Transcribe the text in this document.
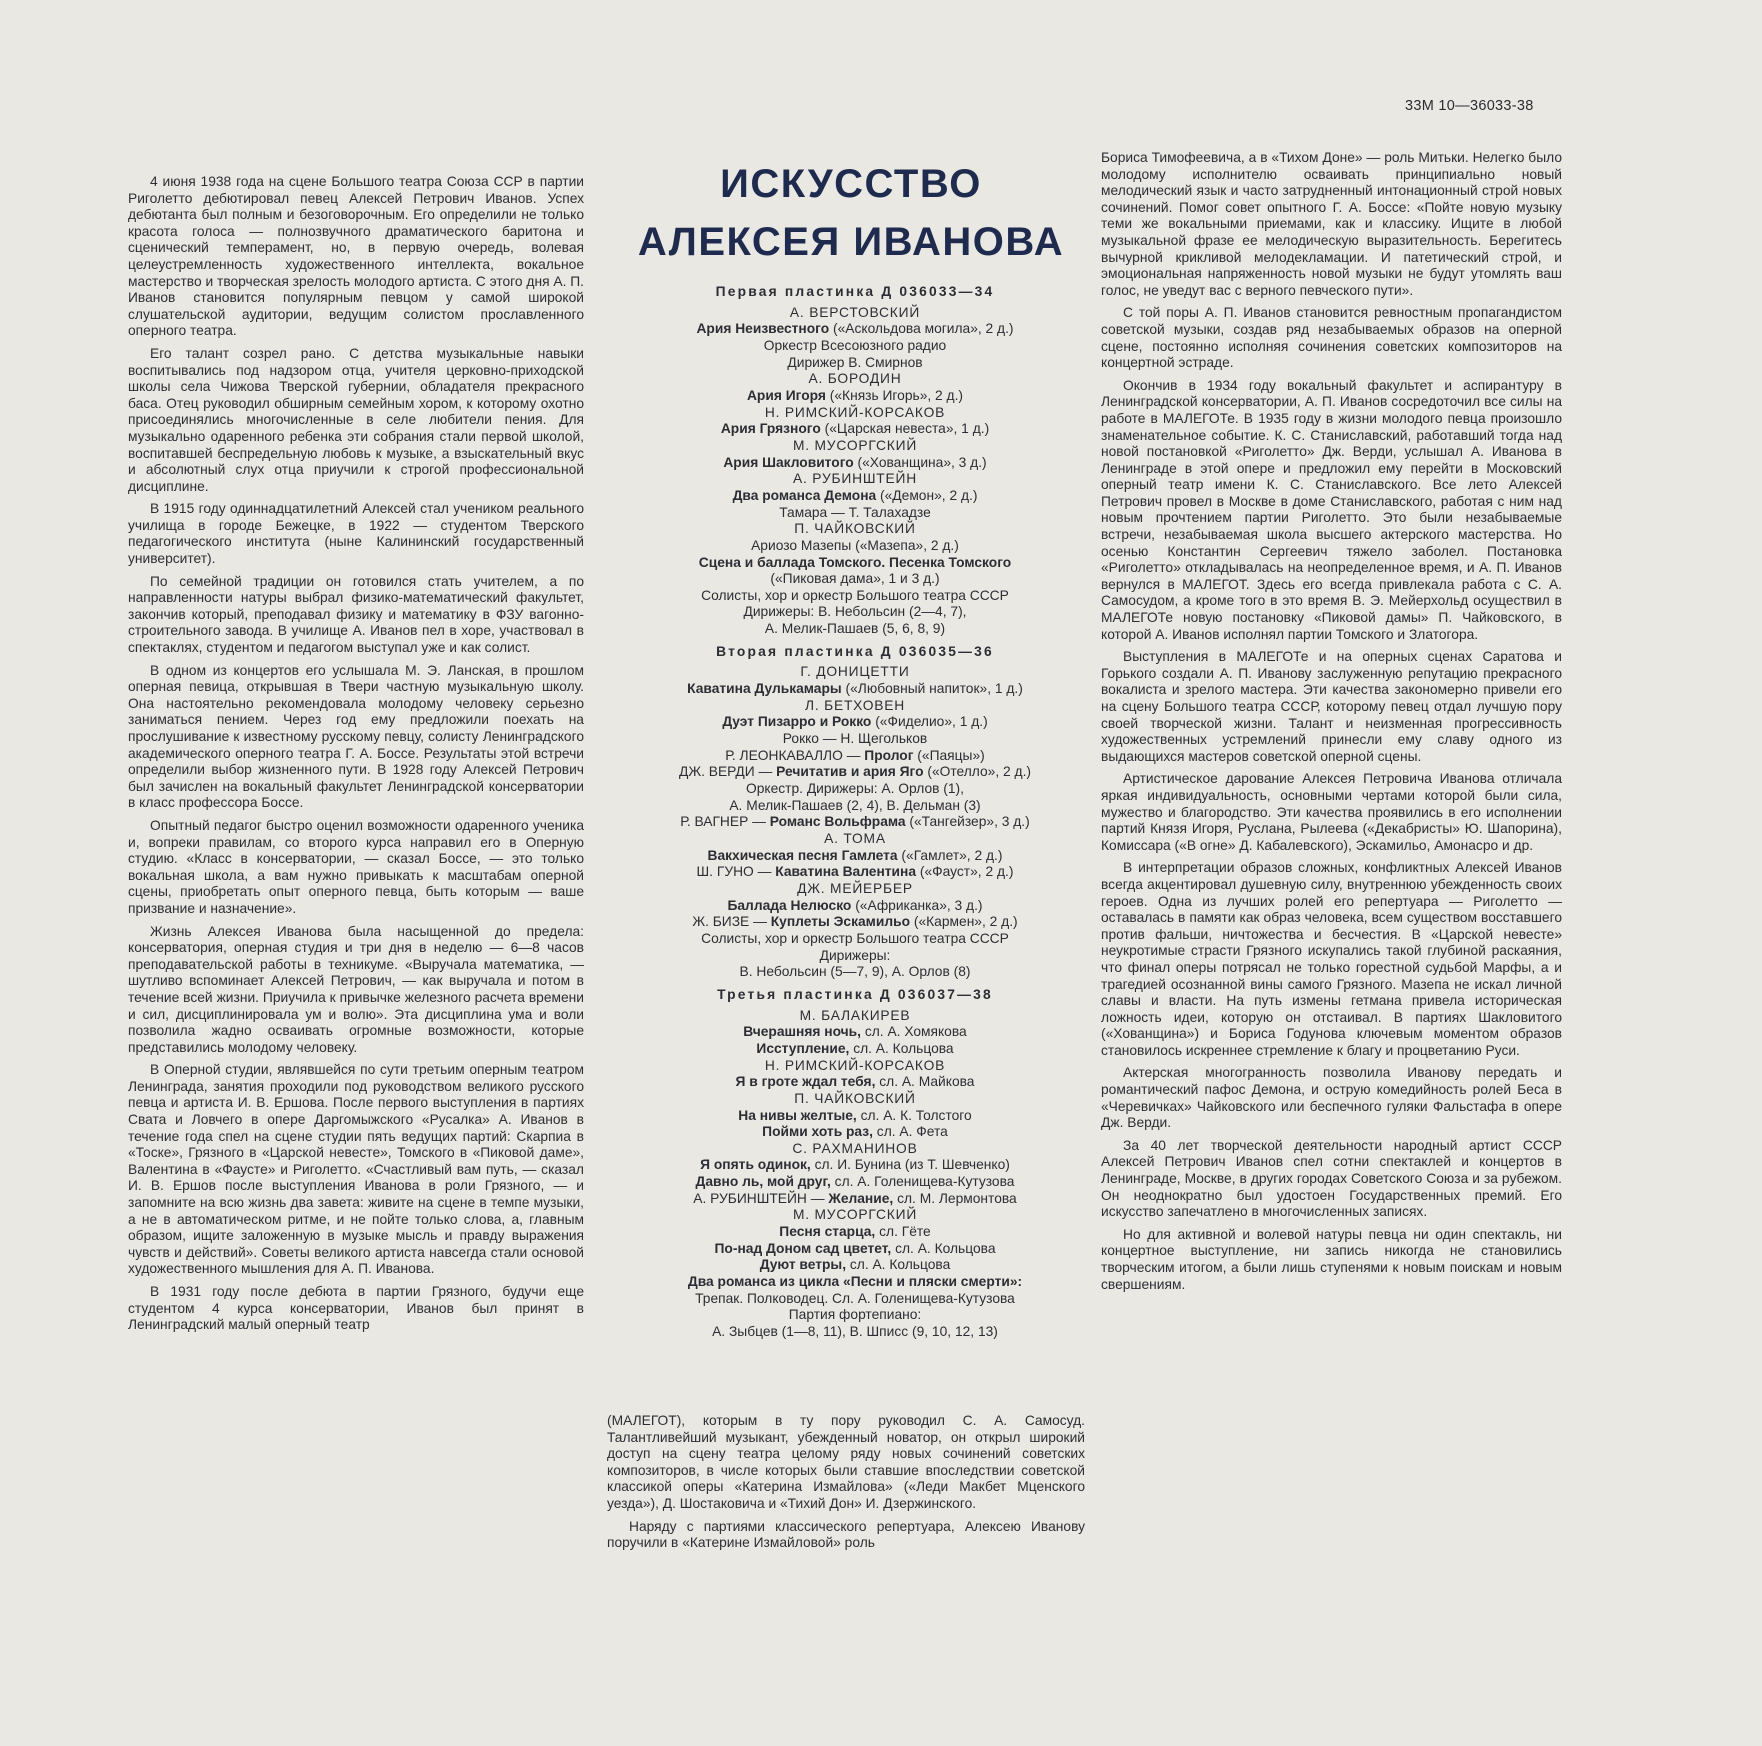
33М 10—36033-38

4 июня 1938 года на сцене Большого театра Союза ССР в партии Риголетто дебютировал певец Алексей Петрович Иванов. Успех дебютанта был полным и безоговорочным. Его определили не только красота голоса — полнозвучного драматического баритона и сценический темперамент, но, в первую очередь, волевая целеустремленность художественного интеллекта, вокальное мастерство и творческая зрелость молодого артиста. С этого дня А. П. Иванов становится популярным певцом у самой широкой слушательской аудитории, ведущим солистом прославленного оперного театра.

Его талант созрел рано. С детства музыкальные навыки воспитывались под надзором отца, учителя церковно-приходской школы села Чижова Тверской губернии, обладателя прекрасного баса. Отец руководил обширным семейным хором, к которому охотно присоединялись многочисленные в селе любители пения. Для музыкально одаренного ребенка эти собрания стали первой школой, воспитавшей беспредельную любовь к музыке, а взыскательный вкус и абсолютный слух отца приучили к строгой профессиональной дисциплине.

В 1915 году одиннадцатилетний Алексей стал учеником реального училища в городе Бежецке, в 1922 — студентом Тверского педагогического института (ныне Калининский государственный университет).

По семейной традиции он готовился стать учителем, а по направленности натуры выбрал физико-математический факультет, закончив который, преподавал физику и математику в ФЗУ вагонно-строительного завода. В училище А. Иванов пел в хоре, участвовал в спектаклях, студентом и педагогом выступал уже и как солист.

В одном из концертов его услышала М. Э. Ланская, в прошлом оперная певица, открывшая в Твери частную музыкальную школу. Она настоятельно рекомендовала молодому человеку серьезно заниматься пением. Через год ему предложили поехать на прослушивание к известному русскому певцу, солисту Ленинградского академического оперного театра Г. А. Боссе. Результаты этой встречи определили выбор жизненного пути. В 1928 году Алексей Петрович был зачислен на вокальный факультет Ленинградской консерватории в класс профессора Боссе.

Опытный педагог быстро оценил возможности одаренного ученика и, вопреки правилам, со второго курса направил его в Оперную студию. «Класс в консерватории, — сказал Боссе, — это только вокальная школа, а вам нужно привыкать к масштабам оперной сцены, приобретать опыт оперного певца, быть которым — ваше призвание и назначение».

Жизнь Алексея Иванова была насыщенной до предела: консерватория, оперная студия и три дня в неделю — 6—8 часов преподавательской работы в техникуме. «Выручала математика, — шутливо вспоминает Алексей Петрович, — как выручала и потом в течение всей жизни. Приучила к привычке железного расчета времени и сил, дисциплинировала ум и волю». Эта дисциплина ума и воли позволила жадно осваивать огромные возможности, которые представились молодому человеку.

В Оперной студии, являвшейся по сути третьим оперным театром Ленинграда, занятия проходили под руководством великого русского певца и артиста И. В. Ершова. После первого выступления в партиях Свата и Ловчего в опере Даргомыжского «Русалка» А. Иванов в течение года спел на сцене студии пять ведущих партий: Скарпиа в «Тоске», Грязного в «Царской невесте», Томского в «Пиковой даме», Валентина в «Фаусте» и Риголетто. «Счастливый вам путь, — сказал И. В. Ершов после выступления Иванова в роли Грязного, — и запомните на всю жизнь два завета: живите на сцене в темпе музыки, а не в автоматическом ритме, и не пойте только слова, а, главным образом, ищите заложенную в музыке мысль и правду выражения чувств и действий». Советы великого артиста навсегда стали основой художественного мышления для А. П. Иванова.

В 1931 году после дебюта в партии Грязного, будучи еще студентом 4 курса консерватории, Иванов был принят в Ленинградский малый оперный театр

ИСКУССТВО
АЛЕКСЕЯ ИВАНОВА
Первая пластинка Д 036033—34
А. ВЕРСТОВСКИЙ
Ария Неизвестного («Аскольдова могила», 2 д.)
Оркестр Всесоюзного радио
Дирижер В. Смирнов
А. БОРОДИН
Ария Игоря («Князь Игорь», 2 д.)
Н. РИМСКИЙ-КОРСАКОВ
Ария Грязного («Царская невеста», 1 д.)
М. МУСОРГСКИЙ
Ария Шакловитого («Хованщина», 3 д.)
А. РУБИНШТЕЙН
Два романса Демона («Демон», 2 д.)
Тамара — Т. Талахадзе
П. ЧАЙКОВСКИЙ
Ариозо Мазепы («Мазепа», 2 д.)
Сцена и баллада Томского. Песенка Томского
(«Пиковая дама», 1 и 3 д.)
Солисты, хор и оркестр Большого театра СССР
Дирижеры: В. Небольсин (2—4, 7),
А. Мелик-Пашаев (5, 6, 8, 9)
Вторая пластинка Д 036035—36
Г. ДОНИЦЕТТИ
Каватина Дулькамары («Любовный напиток», 1 д.)
Л. БЕТХОВЕН
Дуэт Пизарро и Рокко («Фиделио», 1 д.)
Рокко — Н. Щегольков
Р. ЛЕОНКАВАЛЛО — Пролог («Паяцы»)
ДЖ. ВЕРДИ — Речитатив и ария Яго («Отелло», 2 д.)
Оркестр. Дирижеры: А. Орлов (1),
А. Мелик-Пашаев (2, 4), В. Дельман (3)
Р. ВАГНЕР — Романс Вольфрама («Тангейзер», 3 д.)
А. ТОМА
Вакхическая песня Гамлета («Гамлет», 2 д.)
Ш. ГУНО — Каватина Валентина («Фауст», 2 д.)
ДЖ. МЕЙЕРБЕР
Баллада Нелюско («Африканка», 3 д.)
Ж. БИЗЕ — Куплеты Эскамильо («Кармен», 2 д.)
Солисты, хор и оркестр Большого театра СССР
Дирижеры:
В. Небольсин (5—7, 9), А. Орлов (8)
Третья пластинка Д 036037—38
М. БАЛАКИРЕВ
Вчерашняя ночь, сл. А. Хомякова
Исступление, сл. А. Кольцова
Н. РИМСКИЙ-КОРСАКОВ
Я в гроте ждал тебя, сл. А. Майкова
П. ЧАЙКОВСКИЙ
На нивы желтые, сл. А. К. Толстого
Пойми хоть раз, сл. А. Фета
С. РАХМАНИНОВ
Я опять одинок, сл. И. Бунина (из Т. Шевченко)
Давно ль, мой друг, сл. А. Голенищева-Кутузова
А. РУБИНШТЕЙН — Желание, сл. М. Лермонтова
М. МУСОРГСКИЙ
Песня старца, сл. Гёте
По-над Доном сад цветет, сл. А. Кольцова
Дуют ветры, сл. А. Кольцова
Два романса из цикла «Песни и пляски смерти»:
Трепак. Полководец. Сл. А. Голенищева-Кутузова
Партия фортепиано:
А. Зыбцев (1—8, 11), В. Шписс (9, 10, 12, 13)

(МАЛЕГОТ), которым в ту пору руководил С. А. Самосуд. Талантливейший музыкант, убежденный новатор, он открыл широкий доступ на сцену театра целому ряду новых сочинений советских композиторов, в числе которых были ставшие впоследствии советской классикой оперы «Катерина Измайлова» («Леди Макбет Мценского уезда»), Д. Шостаковича и «Тихий Дон» И. Дзержинского.

Наряду с партиями классического репертуара, Алексею Иванову поручили в «Катерине Измайловой» роль

Бориса Тимофеевича, а в «Тихом Доне» — роль Митьки. Нелегко было молодому исполнителю осваивать принципиально новый мелодический язык и часто затрудненный интонационный строй новых сочинений. Помог совет опытного Г. А. Боссе: «Пойте новую музыку теми же вокальными приемами, как и классику. Ищите в любой музыкальной фразе ее мелодическую выразительность. Берегитесь вычурной крикливой мелодекламации. И патетический строй, и эмоциональная напряженность новой музыки не будут утомлять ваш голос, не уведут вас с верного певческого пути».

С той поры А. П. Иванов становится ревностным пропагандистом советской музыки, создав ряд незабываемых образов на оперной сцене, постоянно исполняя сочинения советских композиторов на концертной эстраде.

Окончив в 1934 году вокальный факультет и аспирантуру в Ленинградской консерватории, А. П. Иванов сосредоточил все силы на работе в МАЛЕГОТе. В 1935 году в жизни молодого певца произошло знаменательное событие. К. С. Станиславский, работавший тогда над новой постановкой «Риголетто» Дж. Верди, услышал А. Иванова в Ленинграде в этой опере и предложил ему перейти в Московский оперный театр имени К. С. Станиславского. Все лето Алексей Петрович провел в Москве в доме Станиславского, работая с ним над новым прочтением партии Риголетто. Это были незабываемые встречи, незабываемая школа высшего актерского мастерства. Но осенью Константин Сергеевич тяжело заболел. Постановка «Риголетто» откладывалась на неопределенное время, и А. П. Иванов вернулся в МАЛЕГОТ. Здесь его всегда привлекала работа с С. А. Самосудом, а кроме того в это время В. Э. Мейерхольд осуществил в МАЛЕГОТе новую постановку «Пиковой дамы» П. Чайковского, в которой А. Иванов исполнял партии Томского и Златогора.

Выступления в МАЛЕГОТе и на оперных сценах Саратова и Горького создали А. П. Иванову заслуженную репутацию прекрасного вокалиста и зрелого мастера. Эти качества закономерно привели его на сцену Большого театра СССР, которому певец отдал лучшую пору своей творческой жизни. Талант и неизменная прогрессивность художественных устремлений принесли ему славу одного из выдающихся мастеров советской оперной сцены.

Артистическое дарование Алексея Петровича Иванова отличала яркая индивидуальность, основными чертами которой были сила, мужество и благородство. Эти качества проявились в его исполнении партий Князя Игоря, Руслана, Рылеева («Декабристы» Ю. Шапорина), Комиссара («В огне» Д. Кабалевского), Эскамильо, Амонасро и др.

В интерпретации образов сложных, конфликтных Алексей Иванов всегда акцентировал душевную силу, внутреннюю убежденность своих героев. Одна из лучших ролей его репертуара — Риголетто — оставалась в памяти как образ человека, всем существом восставшего против фальши, ничтожества и бесчестия. В «Царской невесте» неукротимые страсти Грязного искупались такой глубиной раскаяния, что финал оперы потрясал не только горестной судьбой Марфы, а и трагедией осознанной вины самого Грязного. Мазепа не искал личной славы и власти. На путь измены гетмана привела историческая ложность идеи, которую он отстаивал. В партиях Шакловитого («Хованщина») и Бориса Годунова ключевым моментом образов становилось искреннее стремление к благу и процветанию Руси.

Актерская многогранность позволила Иванову передать и романтический пафос Демона, и острую комедийность ролей Беса в «Черевичках» Чайковского или беспечного гуляки Фальстафа в опере Дж. Верди.

За 40 лет творческой деятельности народный артист СССР Алексей Петрович Иванов спел сотни спектаклей и концертов в Ленинграде, Москве, в других городах Советского Союза и за рубежом. Он неоднократно был удостоен Государственных премий. Его искусство запечатлено в многочисленных записях.

Но для активной и волевой натуры певца ни один спектакль, ни концертное выступление, ни запись никогда не становились творческим итогом, а были лишь ступенями к новым поискам и новым свершениям.
